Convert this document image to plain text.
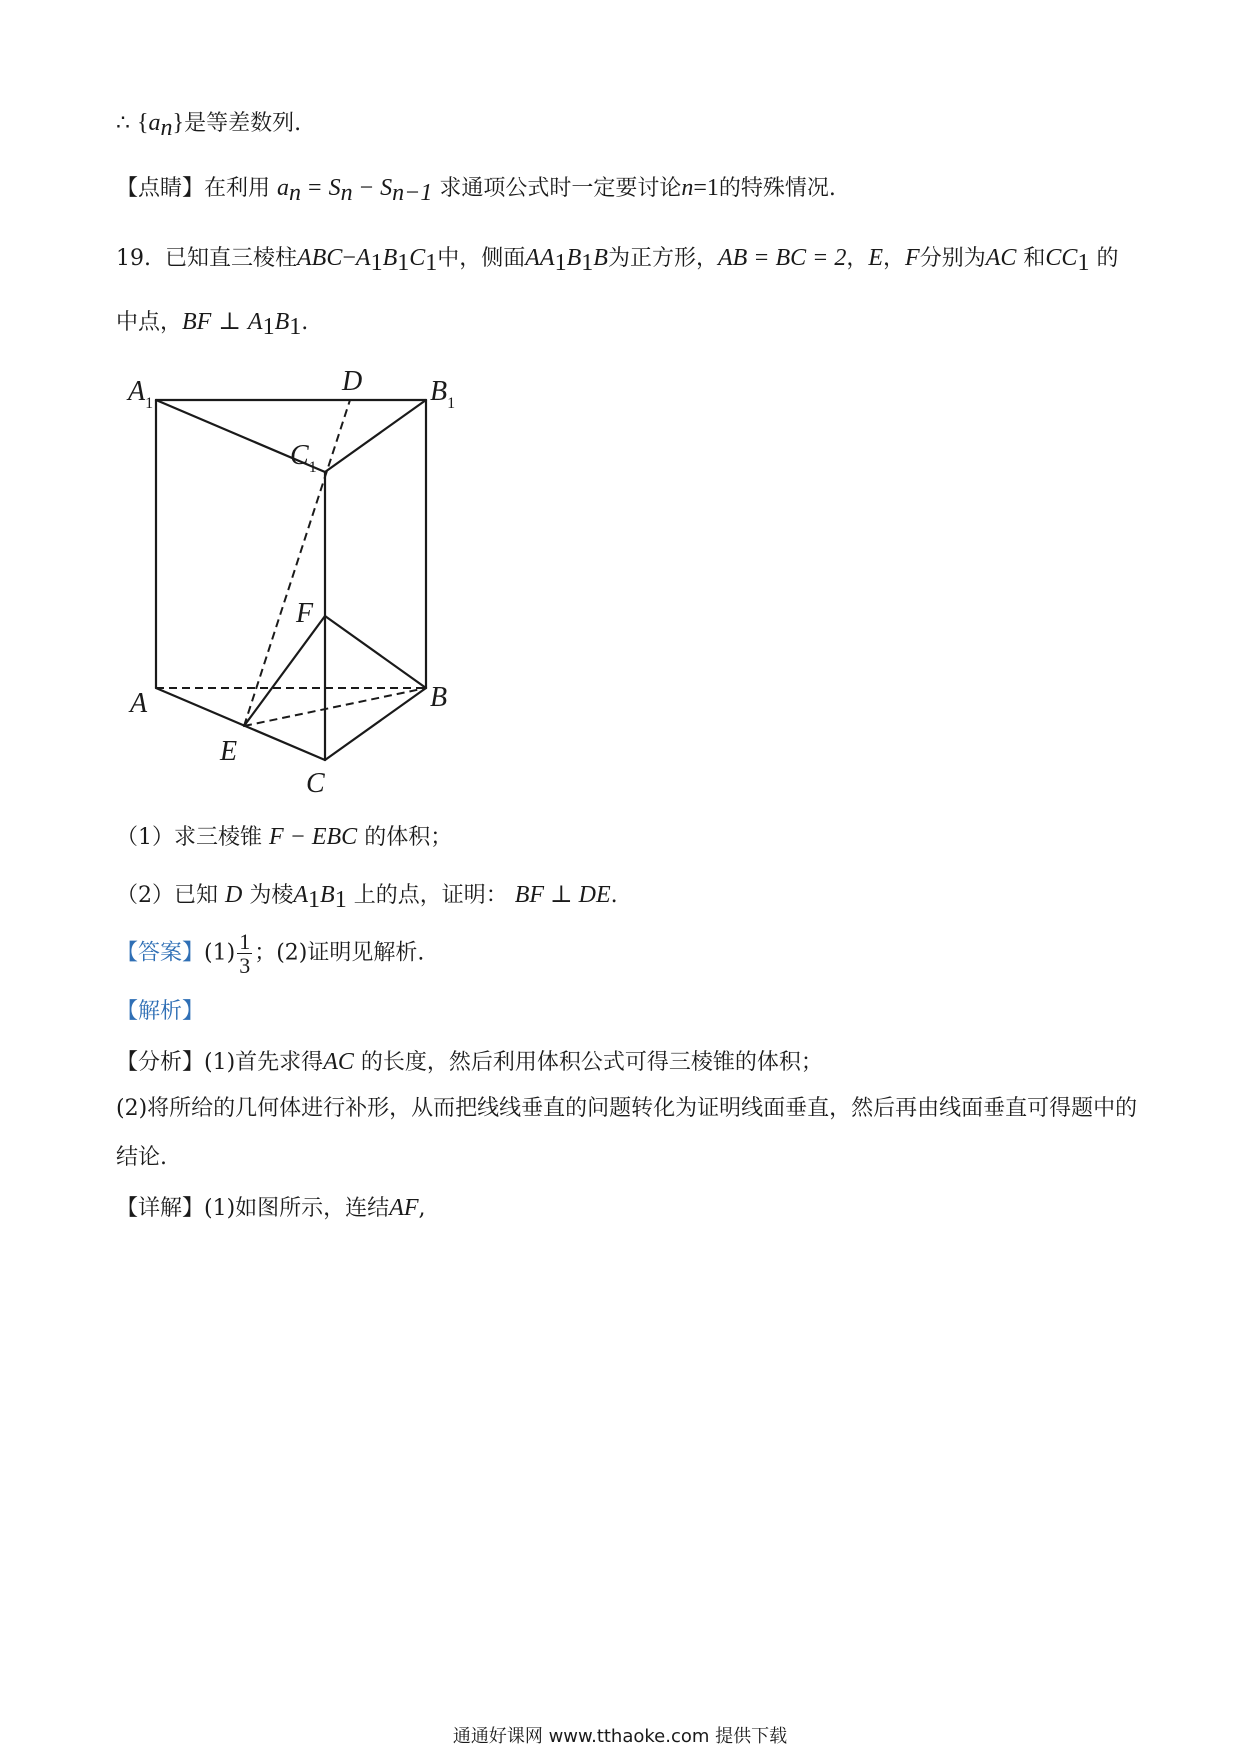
∴ $\{a_n\}$是等差数列.
【点睛】在利用 $a_n = S_n - S_{n-1}$ 求通项公式时一定要讨论n=1的特殊情况.
19. 已知直三棱柱$ABC-A_1B_1C_1$中，侧面$AA_1B_1B$为正方形，AB = BC = 2，E，F分别为AC 和$CC_1$ 的
中点，BF ⊥ $A_1B_1$.
$A_1$
D $B_1$
$C_1$
F
A	B
E
C
（1）求三棱锥 F − EBC 的体积；
（2）已知 D 为棱$A_1B_1$ 上的点，证明： BF ⊥ DE.
【答案】$(1) \frac{1}{3}$ ；(2)证明见解析.
【解析】
【分析】(1)首先求得AC 的长度，然后利用体积公式可得三棱锥的体积；
(2)将所给的几何体进行补形，从而把线线垂直的问题转化为证明线面垂直，然后再由线面垂直可得题中的
结论.
【详解】(1)如图所示，连结AF,
通通好课网 www.tthaoke.com 提供下载
